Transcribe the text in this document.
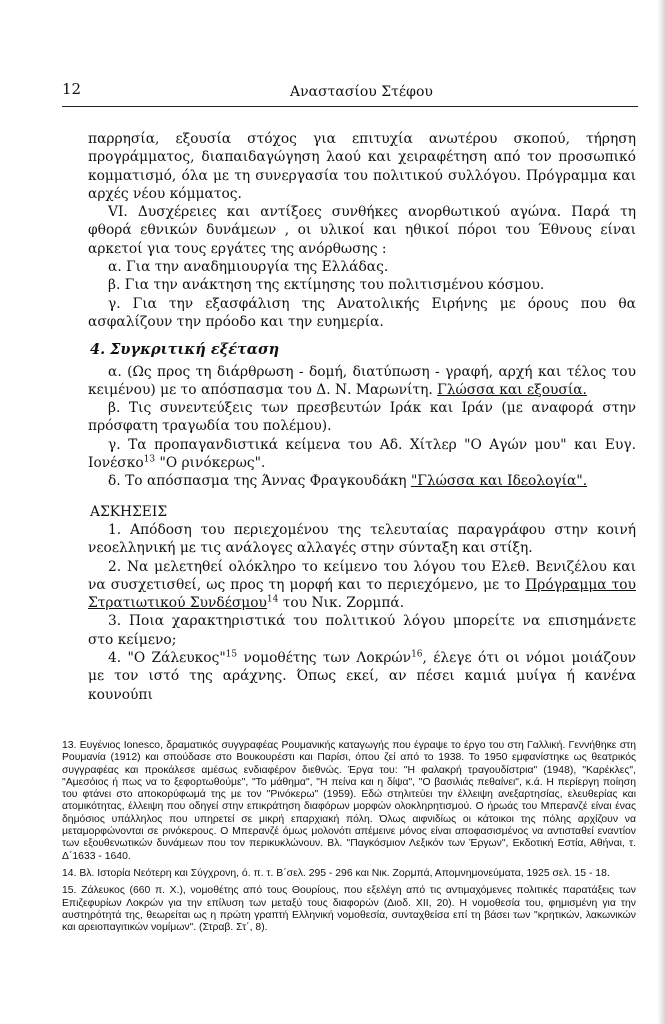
12	Αναστασίου Στέφου

παρρησία, εξουσία στόχος για επιτυχία ανωτέρου σκοπού, τήρηση προγράμματος, διαπαιδαγώγηση λαού και χειραφέτηση από τον προσωπικό κομματισμό, όλα με τη συνεργασία του πολιτικού συλλόγου. Πρόγραμμα και αρχές νέου κόμματος.

VI. Δυσχέρειες και αντίξοες συνθήκες ανορθωτικού αγώνα. Παρά τη φθορά εθνικών δυνάμεων , οι υλικοί και ηθικοί πόροι του Έθνους είναι αρκετοί για τους εργάτες της ανόρθωσης :

α. Για την αναδημιουργία της Ελλάδας.

β. Για την ανάκτηση της εκτίμησης του πολιτισμένου κόσμου.

γ. Για την εξασφάλιση της Ανατολικής Ειρήνης με όρους που θα ασφαλίζουν την πρόοδο και την ευημερία.

4. Συγκριτική εξέταση

α. (Ως προς τη διάρθρωση - δομή, διατύπωση - γραφή, αρχή και τέλος του κειμένου) με το απόσπασμα του Δ. Ν. Μαρωνίτη. Γλώσσα και εξουσία.

β. Τις συνεντεύξεις των πρεσβευτών Ιράκ και Ιράν (με αναφορά στην πρόσφατη τραγωδία του πολέμου).

γ. Τα προπαγανδιστικά κείμενα του Αδ. Χίτλερ "Ο Αγών μου" και Ευγ. Ιονέσκο$^{13}$ "Ο ρινόκερως".

δ. Το απόσπασμα της Άννας Φραγκουδάκη "Γλώσσα και Ιδεολογία".

ΑΣΚΗΣΕΙΣ

1. Απόδοση του περιεχομένου της τελευταίας παραγράφου στην κοινή νεοελληνική με τις ανάλογες αλλαγές στην σύνταξη και στίξη.

2. Να μελετηθεί ολόκληρο το κείμενο του λόγου του Ελεθ. Βενιζέλου και να συσχετισθεί, ως προς τη μορφή και το περιεχόμενο, με το Πρόγραμμα του Στρατιωτικού Συνδέσμου$^{14}$ του Νικ. Ζορμπά.

3. Ποια χαρακτηριστικά του πολιτικού λόγου μπορείτε να επισημάνετε στο κείμενο;

4. "Ο Ζάλευκος"$^{15}$ νομοθέτης των Λοκρών$^{16}$, έλεγε ότι οι νόμοι μοιάζουν με τον ιστό της αράχνης. Όπως εκεί, αν πέσει καμιά μυίγα ή κανένα κουνούπι

13. Ευγένιος Ionesco, δραματικός συγγραφέας Ρουμανικής καταγωγής που έγραψε το έργο του στη Γαλλική. Γεννήθηκε στη Ρουμανία (1912) και σπούδασε στο Βουκουρέστι και Παρίσι, όπου ζεί από το 1938. Το 1950 εμφανίστηκε ως θεατρικός συγγραφέας και προκάλεσε αμέσως ενδιαφέρον διεθνώς. Έργα του: "Η φαλακρή τραγουδίστρια" (1948), "Καρέκλες", "Αμεσόιος ή πως να το ξεφορτωθούμε", "Το μάθημα", "Η πείνα και η δίψα", "Ο βασιλιάς πεθαίνει", κ.ά. Η περίεργη ποίηση του φτάνει στο αποκορύφωμά της με τον "Ρινόκερω" (1959). Εδώ στηλιτεύει την έλλειψη ανεξαρτησίας, ελευθερίας και ατομικότητας, έλλειψη που οδηγεί στην επικράτηση διαφόρων μορφών ολοκληρητισμού. Ο ήρωάς του Μπερανζέ είναι ένας δημόσιος υπάλληλος που υπηρετεί σε μικρή επαρχιακή πόλη. Όλως αιφνιδίως οι κάτοικοι της πόλης αρχίζουν να μεταμορφώνονται σε ρινόκερους. Ο Μπερανζέ όμως μολονότι απέμεινε μόνος είναι αποφασισμένος να αντισταθεί εναντίον των εξουθενωτικών δυνάμεων που τον περικυκλώνουν. Βλ. "Παγκόσμιον Λεξικόν των Έργων", Εκδοτική Εστία, Αθήναι, τ. Δ΄1633 - 1640.

14. Βλ. Ιστορία Νεότερη και Σύγχρονη, ό. π. τ. Β΄σελ. 295 - 296 και Νικ. Ζορμπά, Απομνημονεύματα, 1925 σελ. 15 - 18.

15. Ζάλευκος (660 π. Χ.), νομοθέτης από τους Θουρίους, που εξελέγη από τις αντιμαχόμενες πολιτικές παρατάξεις των Επιζεφυρίων Λοκρών για την επίλυση των μεταξύ τους διαφορών (Διοδ. XII, 20). Η νομοθεσία του, φημισμένη για την αυστηρότητά της, θεωρείται ως η πρώτη γραπτή Ελληνική νομοθεσία, συνταχθείσα επί τη βάσει των "κρητικών, λακωνικών και αρειοπαγιτικών νομίμων". (Στραβ. Στ΄, 8).
